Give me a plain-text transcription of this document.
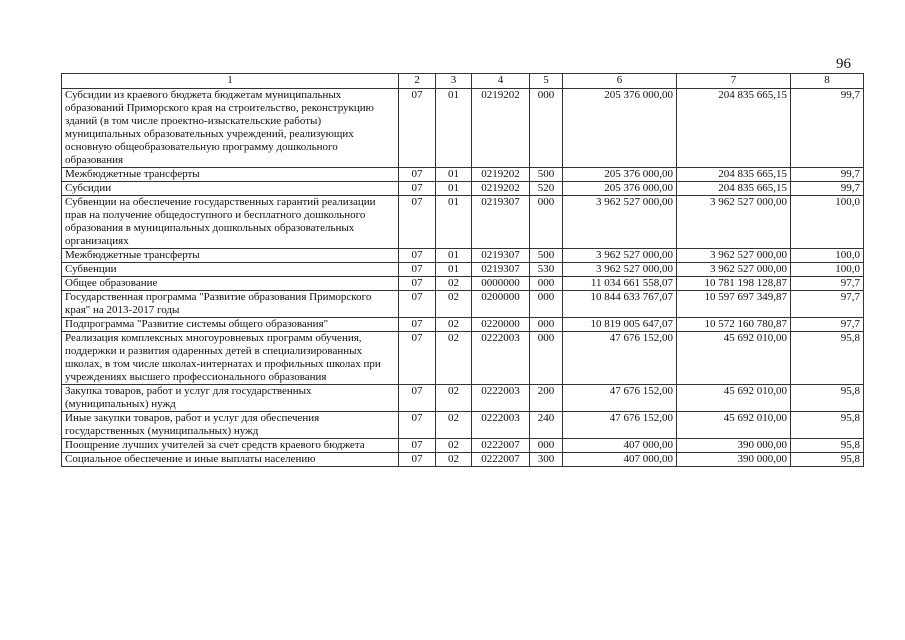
96
1	2	3	4	5	6	7	8
Субсидии из краевого бюджета бюджетам муниципальных образований Приморского края на строительство, реконструкцию зданий (в том числе проектно-изыскательские работы) муниципальных образовательных учреждений, реализующих основную общеобразовательную программу дошкольного образования	07	01	0219202	000	205 376 000,00	204 835 665,15	99,7
Межбюджетные трансферты	07	01	0219202	500	205 376 000,00	204 835 665,15	99,7
Субсидии	07	01	0219202	520	205 376 000,00	204 835 665,15	99,7
Субвенции на обеспечение государственных гарантий реализации прав на получение общедоступного и бесплатного дошкольного образования в муниципальных дошкольных образовательных организациях	07	01	0219307	000	3 962 527 000,00	3 962 527 000,00	100,0
Межбюджетные трансферты	07	01	0219307	500	3 962 527 000,00	3 962 527 000,00	100,0
Субвенции	07	01	0219307	530	3 962 527 000,00	3 962 527 000,00	100,0
Общее образование	07	02	0000000	000	11 034 661 558,07	10 781 198 128,87	97,7
Государственная программа "Развитие образования Приморского края" на 2013-2017 годы	07	02	0200000	000	10 844 633 767,07	10 597 697 349,87	97,7
Подпрограмма "Развитие системы общего образования"	07	02	0220000	000	10 819 005 647,07	10 572 160 780,87	97,7
Реализация комплексных многоуровневых программ обучения, поддержки и развития одаренных детей в специализированных школах, в том числе школах-интернатах и профильных школах при учреждениях высшего профессионального образования	07	02	0222003	000	47 676 152,00	45 692 010,00	95,8
Закупка товаров, работ и услуг для государственных (муниципальных) нужд	07	02	0222003	200	47 676 152,00	45 692 010,00	95,8
Иные закупки товаров, работ и услуг для обеспечения государственных (муниципальных) нужд	07	02	0222003	240	47 676 152,00	45 692 010,00	95,8
Поощрение лучших учителей за счет средств краевого бюджета	07	02	0222007	000	407 000,00	390 000,00	95,8
Социальное обеспечение и иные выплаты населению	07	02	0222007	300	407 000,00	390 000,00	95,8
